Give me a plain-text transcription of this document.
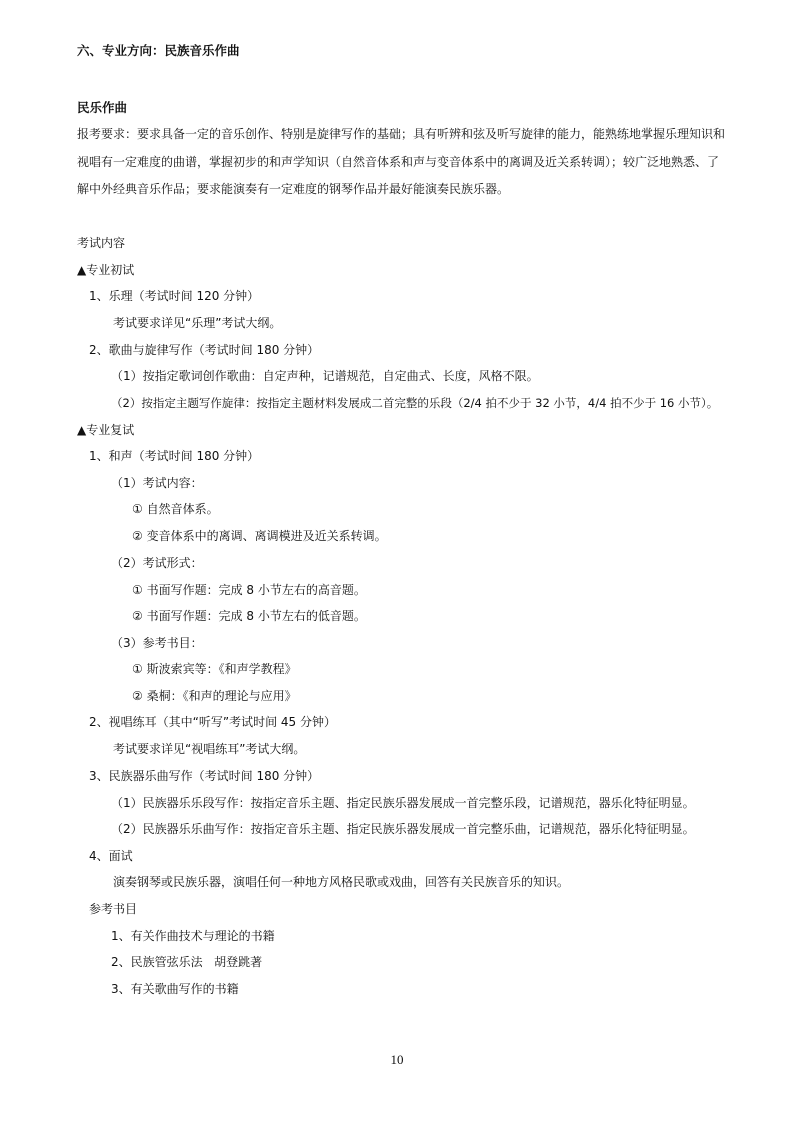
六、专业方向：民族音乐作曲
民乐作曲
报考要求：要求具备一定的音乐创作、特别是旋律写作的基础；具有听辨和弦及听写旋律的能力，能熟练地掌握乐理知识和
视唱有一定难度的曲谱，掌握初步的和声学知识（自然音体系和声与变音体系中的离调及近关系转调）；较广泛地熟悉、了
解中外经典音乐作品；要求能演奏有一定难度的钢琴作品并最好能演奏民族乐器。
考试内容
▲专业初试
1、乐理（考试时间 120 分钟）
考试要求详见“乐理”考试大纲。
2、歌曲与旋律写作（考试时间 180 分钟）
（1）按指定歌词创作歌曲：自定声种，记谱规范，自定曲式、长度，风格不限。
（2）按指定主题写作旋律：按指定主题材料发展成二首完整的乐段（2/4 拍不少于 32 小节，4/4 拍不少于 16 小节）。
▲专业复试
1、和声（考试时间 180 分钟）
（1）考试内容：
① 自然音体系。
② 变音体系中的离调、离调模进及近关系转调。
（2）考试形式：
① 书面写作题：完成 8 小节左右的高音题。
② 书面写作题：完成 8 小节左右的低音题。
（3）参考书目：
① 斯波索宾等：《和声学教程》
② 桑桐：《和声的理论与应用》
2、视唱练耳（其中“听写”考试时间 45 分钟）
考试要求详见“视唱练耳”考试大纲。
3、民族器乐曲写作（考试时间 180 分钟）
（1）民族器乐乐段写作：按指定音乐主题、指定民族乐器发展成一首完整乐段，记谱规范，器乐化特征明显。
（2）民族器乐乐曲写作：按指定音乐主题、指定民族乐器发展成一首完整乐曲，记谱规范，器乐化特征明显。
4、面试
演奏钢琴或民族乐器，演唱任何一种地方风格民歌或戏曲，回答有关民族音乐的知识。
参考书目
1、有关作曲技术与理论的书籍
2、民族管弦乐法   胡登跳著
3、有关歌曲写作的书籍
10
